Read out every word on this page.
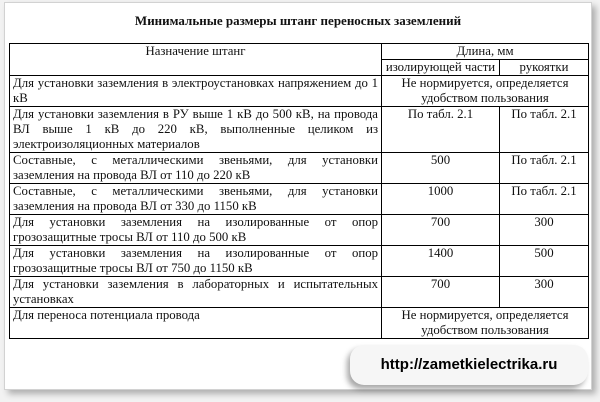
Минимальные размеры штанг переносных заземлений
Назначение штанг	Длина, мм	
	изолирующей части	рукоятки
Для установки заземления в электроустановках напряжением до 1 кВ	Не нормируется, определяется удобством пользования	
Для установки заземления в РУ выше 1 кВ до 500 кВ, на провода ВЛ выше 1 кВ до 220 кВ, выполненные целиком из электроизоляционных материалов	По табл. 2.1	По табл. 2.1
Составные, с металлическими звеньями, для установки заземления на провода ВЛ от 110 до 220 кВ	500	По табл. 2.1
Составные, с металлическими звеньями, для установки заземления на провода ВЛ от 330 до 1150 кВ	1000	По табл. 2.1
Для установки заземления на изолированные от опор грозозащитные тросы ВЛ от 110 до 500 кВ	700	300
Для установки заземления на изолированные от опор грозозащитные тросы ВЛ от 750 до 1150 кВ	1400	500
Для установки заземления в лабораторных и испытательных установках	700	300
Для переноса потенциала провода	Не нормируется, определяется удобством пользования	
http://zametkielectrika.ru
